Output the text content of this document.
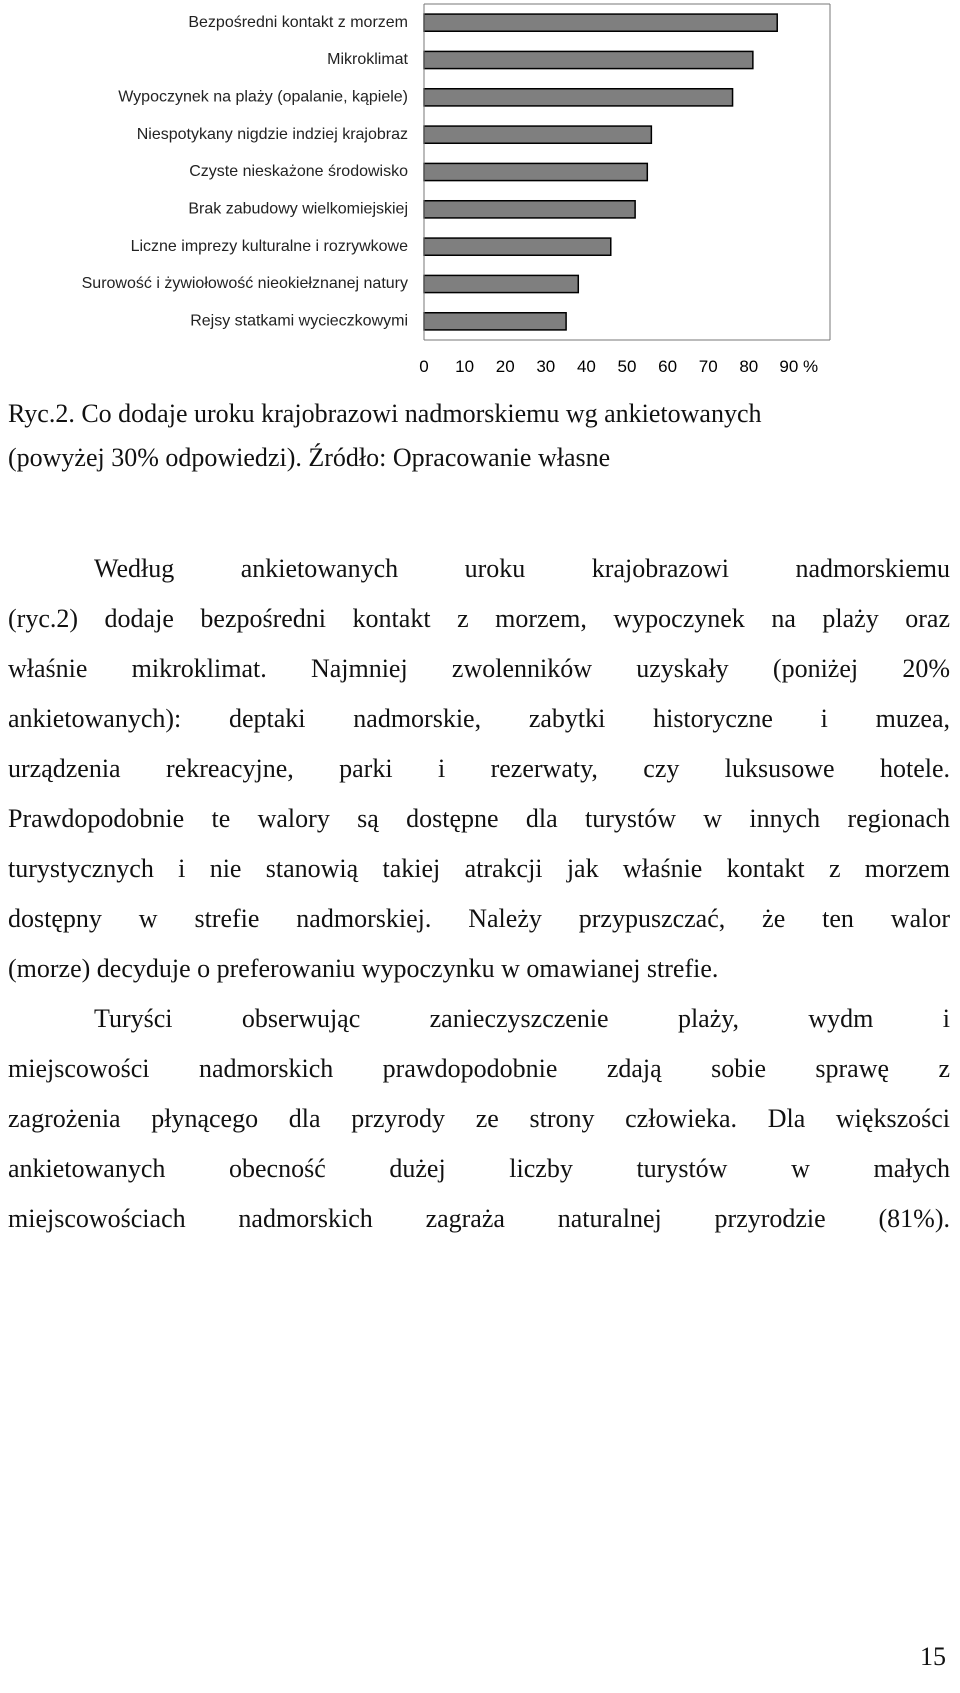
Bezpośredni kontakt z morzem
Mikroklimat
Wypoczynek na plaży (opalanie, kąpiele)
Niespotykany nigdzie indziej krajobraz
Czyste nieskażone środowisko
Brak zabudowy wielkomiejskiej
Liczne imprezy kulturalne i rozrywkowe
Surowość i żywiołowość nieokiełznanej natury
Rejsy statkami wycieczkowymi
0 10 20 30 40 50 60 70 80 90 %

Ryc.2. Co dodaje uroku krajobrazowi nadmorskiemu wg ankietowanych
(powyżej 30% odpowiedzi). Źródło: Opracowanie własne

Według ankietowanych uroku krajobrazowi nadmorskiemu
(ryc.2) dodaje bezpośredni kontakt z morzem, wypoczynek na plaży oraz
właśnie mikroklimat. Najmniej zwolenników uzyskały (poniżej 20%
ankietowanych): deptaki nadmorskie, zabytki historyczne i muzea,
urządzenia rekreacyjne, parki i rezerwaty, czy luksusowe hotele.
Prawdopodobnie te walory są dostępne dla turystów w innych regionach
turystycznych i nie stanowią takiej atrakcji jak właśnie kontakt z morzem
dostępny w strefie nadmorskiej. Należy przypuszczać, że ten walor
(morze) decyduje o preferowaniu wypoczynku w omawianej strefie.
Turyści obserwując zanieczyszczenie plaży, wydm i
miejscowości nadmorskich prawdopodobnie zdają sobie sprawę z
zagrożenia płynącego dla przyrody ze strony człowieka. Dla większości
ankietowanych obecność dużej liczby turystów w małych
miejscowościach nadmorskich zagraża naturalnej przyrodzie (81%).
15
